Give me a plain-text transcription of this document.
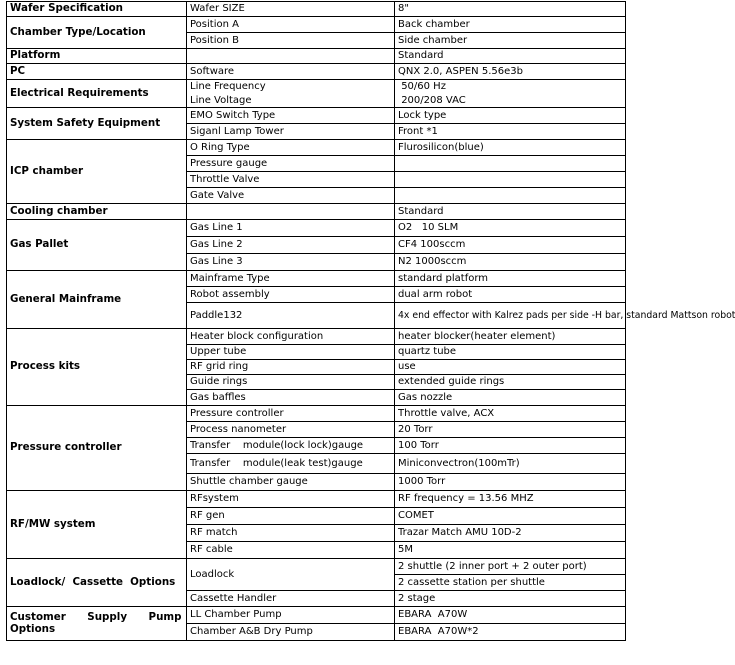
Wafer Specification	Wafer SIZE	8"
Chamber Type/Location	Position A	Back chamber
	Position B	Side chamber
Platform		Standard
PC	Software	QNX 2.0, ASPEN 5.56e3b
Electrical Requirements	Line Frequency	50/60 Hz
	Line Voltage	200/208 VAC
System Safety Equipment	EMO Switch Type	Lock type
	Siganl Lamp Tower	Front *1
ICP chamber	O Ring Type	Flurosilicon(blue)
	Pressure gauge	
	Throttle Valve	
	Gate Valve	
Cooling chamber		Standard
Gas Pallet	Gas Line 1	O2   10 SLM
	Gas Line 2	CF4 100sccm
	Gas Line 3	N2 1000sccm
General Mainframe	Mainframe Type	standard platform
	Robot assembly	dual arm robot
	Paddle132	4x end effector with Kalrez pads per side -H bar, standard Mattson robot
Process kits	Heater block configuration	heater blocker(heater element)
	Upper tube	quartz tube
	RF grid ring	use
	Guide rings	extended guide rings
	Gas baffles	Gas nozzle
Pressure controller	Pressure controller	Throttle valve, ACX
	Process nanometer	20 Torr
	Transfer    module(lock lock)gauge	100 Torr
	Transfer    module(leak test)gauge	Miniconvectron(100mTr)
	Shuttle chamber gauge	1000 Torr
RF/MW system	RFsystem	RF frequency = 13.56 MHZ
	RF gen	COMET
	RF match	Trazar Match AMU 10D-2
	RF cable	5M
Loadlock/  Cassette  Options	Loadlock	2 shuttle (2 inner port + 2 outer port)
		2 cassette station per shuttle
	Cassette Handler	2 stage
Customer      Supply      Pump Options	LL Chamber Pump	EBARA  A70W
	Chamber A&B Dry Pump	EBARA  A70W*2
